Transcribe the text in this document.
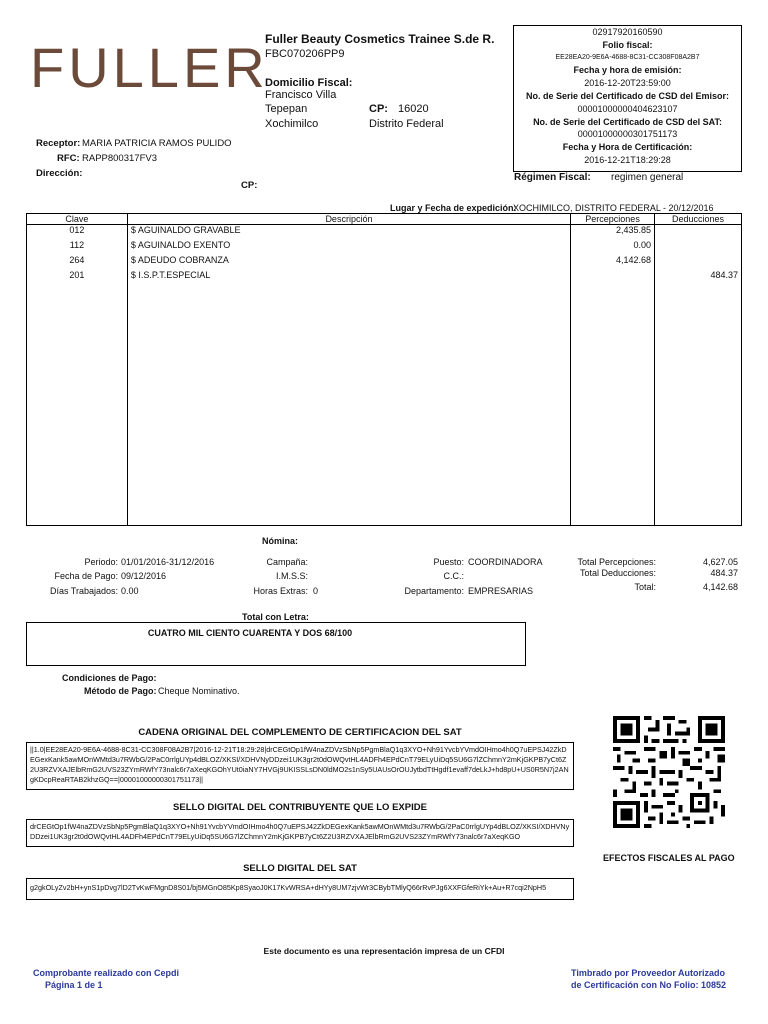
FULLER
Fuller Beauty Cosmetics Trainee S.de R.
FBC070206PP9
Domicilio Fiscal:
Francisco Villa
Tepepan	CP: 16020
Xochimilco	Distrito Federal
02917920160590
Folio fiscal:
EE28EA20-9E6A-4688-8C31-CC308F08A2B7
Fecha y hora de emisión:
2016-12-20T23:59:00
No. de Serie del Certificado de CSD del Emisor:
00001000000404623107
No. de Serie del Certificado de CSD del SAT:
00001000000301751173
Fecha y Hora de Certificación:
2016-12-21T18:29:28
Régimen Fiscal: regimen general
Receptor: MARIA PATRICIA RAMOS PULIDO
RFC: RAPP800317FV3
Dirección:
CP:
Lugar y Fecha de expedición:
XOCHIMILCO, DISTRITO FEDERAL - 20/12/2016
Clave	Descripción	Percepciones	Deducciones
012	$ AGUINALDO GRAVABLE	2,435.85	
112	$ AGUINALDO EXENTO	0.00	
264	$ ADEUDO COBRANZA	4,142.68	
201	$ I.S.P.T.ESPECIAL		484.37

Nómina:
Periodo: 01/01/2016-31/12/2016
Fecha de Pago: 09/12/2016
Días Trabajados: 0.00
Campaña:
I.M.S.S:
Horas Extras: 0
Puesto: COORDINADORA
C.C.:
Departamento: EMPRESARIAS
Total Percepciones:	4,627.05
Total Deducciones:	484.37
Total:	4,142.68
Total con Letra:
CUATRO MIL CIENTO CUARENTA Y DOS 68/100
Condiciones de Pago:
Método de Pago: Cheque Nominativo.
CADENA ORIGINAL DEL COMPLEMENTO DE CERTIFICACION DEL SAT
||1.0|EE28EA20-9E6A-4688-8C31-CC308F08A2B7|2016-12-21T18:29:28|drCEGtOp1fW4naZDVzSbNp5PgmBlaQ1q3XYO+Nh91YvcbYVmdOIHmo4h0Q7uEPSJ42ZkDEGexKank5awMOnWMtd3u7RWbG/2PaC0rrlgUYp4dBLOZ/XKSI/XDHVNyDDzei1UK3gr2t0dOWQvtHL4ADFh4EPdCnT79ELyUiDq5SU6G7lZChmnY2mKjGKPB7yCt6Z2U3RZVXAJElbRmG2UVS23ZYmRWfY73nalc6r7aXeqKGOhYUt0iaNY7HVGj9UKISSLsDN0ldMO2s1nSy5UAUsOrOUJytbdTtHgdf1evaff7deLkJ+hd8pU+US0R5N7j2ANgKDcpReaRTAB2khzGQ==|00001000000301751173||
SELLO DIGITAL DEL CONTRIBUYENTE QUE LO EXPIDE
drCEGtOp1fW4naZDVzSbNp5PgmBlaQ1q3XYO+Nh91YvcbYVmdOIHmo4h0Q7uEPSJ42ZkDEGexKank5awMOnWMtd3u7RWbG/2PaC0rrlgUYp4dBLOZ/XKSI/XDHVNyDDzei1UK3gr2t0dOWQvtHL4ADFh4EPdCnT79ELyUiDq5SU6G7lZChmnY2mKjGKPB7yCt6Z2U3RZVXAJElbRmG2UVS23ZYmRWfY73nalc6r7aXeqKGO
SELLO DIGITAL DEL SAT
g2gkOLyZv2bH+ynS1pDvg7lD2TvKwFMgnD8S01/bj5MGnO85Kp8SyaoJ0K17KvWRSA+dHYy8UM7zjvWr3CBybTMlyQ66rRvPJg6XXFGfeRiYk+Au+R7cqi2NpH5
EFECTOS FISCALES AL PAGO
Este documento es una representación impresa de un CFDI
Comprobante realizado con Cepdi
Página 1 de 1
Timbrado por Proveedor Autorizado
de Certificación con No Folio: 10852
